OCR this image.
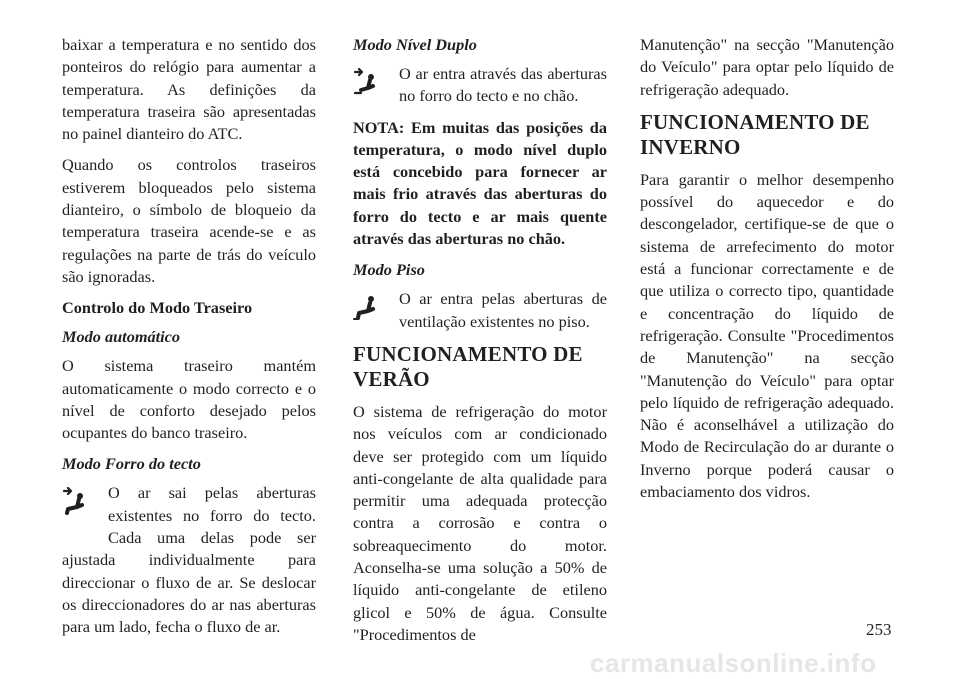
baixar a temperatura e no sentido dos ponteiros do relógio para aumentar a temperatura. As definições da temperatura traseira são apresentadas no painel dianteiro do ATC.

Quando os controlos traseiros estiverem bloqueados pelo sistema dianteiro, o símbolo de bloqueio da temperatura traseira acende-se e as regulações na parte de trás do veículo são ignoradas.

Controlo do Modo Traseiro
Modo automático

O sistema traseiro mantém automaticamente o modo correcto e o nível de conforto desejado pelos ocupantes do banco traseiro.

Modo Forro do tecto

O ar sai pelas aberturas existentes no forro do tecto. Cada uma delas pode ser ajustada individualmente para direccionar o fluxo de ar. Se deslocar os direccionadores do ar nas aberturas para um lado, fecha o fluxo de ar.

Modo Nível Duplo

O ar entra através das aberturas no forro do tecto e no chão.

NOTA: Em muitas das posições da temperatura, o modo nível duplo está concebido para fornecer ar mais frio através das aberturas do forro do tecto e ar mais quente através das aberturas no chão.

Modo Piso

O ar entra pelas aberturas de ventilação existentes no piso.

FUNCIONAMENTO DE VERÃO

O sistema de refrigeração do motor nos veículos com ar condicionado deve ser protegido com um líquido anti-congelante de alta qualidade para permitir uma adequada protecção contra a corrosão e contra o sobreaquecimento do motor. Aconselha-se uma solução a 50% de líquido anti-congelante de etileno glicol e 50% de água. Consulte "Procedimentos de

Manutenção" na secção "Manutenção do Veículo" para optar pelo líquido de refrigeração adequado.

FUNCIONAMENTO DE INVERNO

Para garantir o melhor desempenho possível do aquecedor e do descongelador, certifique-se de que o sistema de arrefecimento do motor está a funcionar correctamente e de que utiliza o correcto tipo, quantidade e concentração do líquido de refrigeração. Consulte "Procedimentos de Manutenção" na secção "Manutenção do Veículo" para optar pelo líquido de refrigeração adequado. Não é aconselhável a utilização do Modo de Recirculação do ar durante o Inverno porque poderá causar o embaciamento dos vidros.

253
carmanualsonline.info
